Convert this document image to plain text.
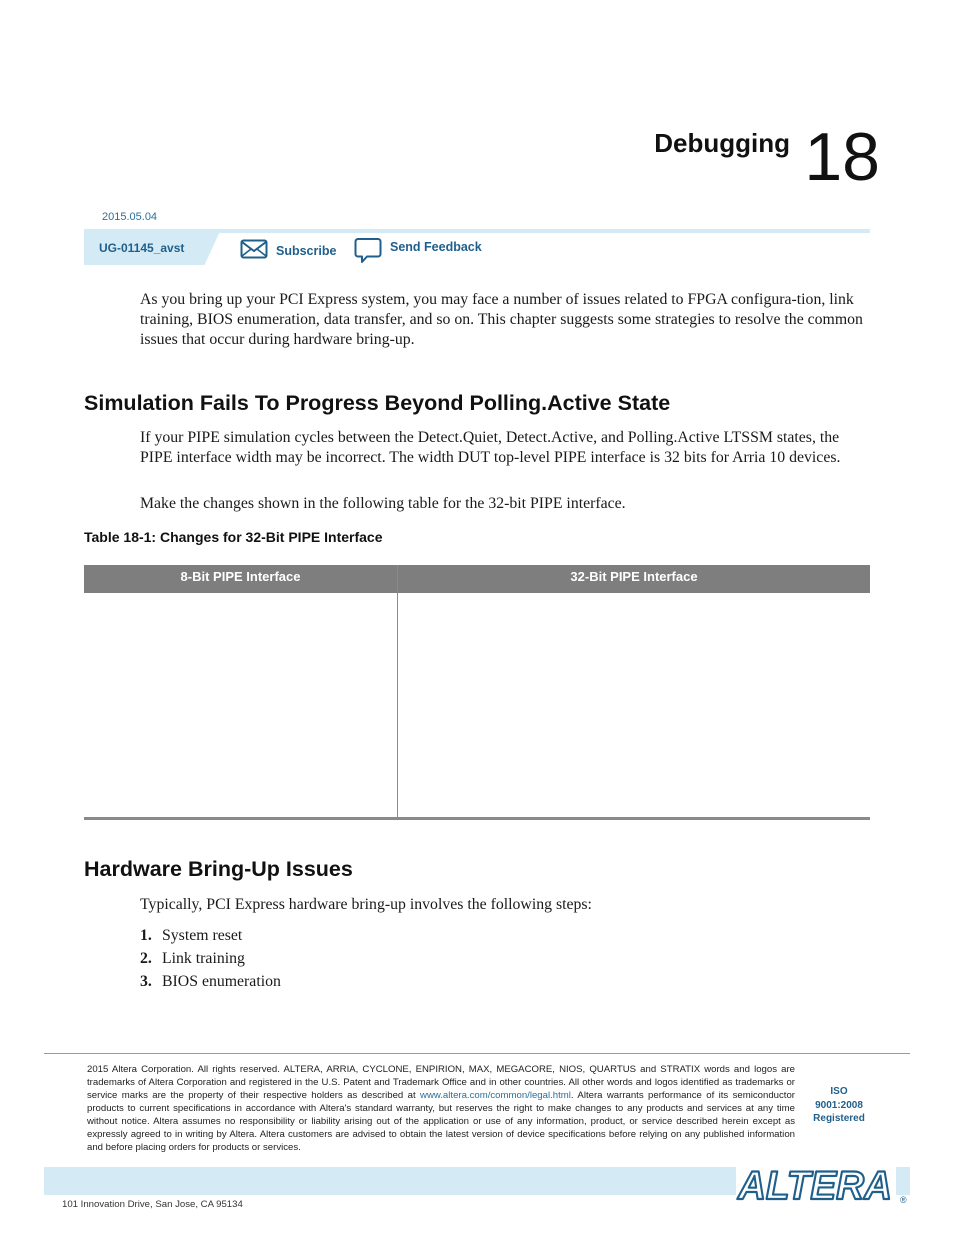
Debugging 18
2015.05.04
UG-01145_avst	Subscribe	Send Feedback

As you bring up your PCI Express system, you may face a number of issues related to FPGA configura-tion, link training, BIOS enumeration, data transfer, and so on. This chapter suggests some strategies to resolve the common issues that occur during hardware bring-up.

Simulation Fails To Progress Beyond Polling.Active State

If your PIPE simulation cycles between the Detect.Quiet, Detect.Active, and Polling.Active LTSSM states, the PIPE interface width may be incorrect. The width DUT top-level PIPE interface is 32 bits for Arria 10 devices.

Make the changes shown in the following table for the 32-bit PIPE interface.

Table 18-1: Changes for 32-Bit PIPE Interface
8-Bit PIPE Interface	32-Bit PIPE Interface
Hardware Bring-Up Issues

Typically, PCI Express hardware bring-up involves the following steps:

1. System reset
2. Link training
3. BIOS enumeration
2015 Altera Corporation. All rights reserved. ALTERA, ARRIA, CYCLONE, ENPIRION, MAX, MEGACORE, NIOS, QUARTUS and STRATIX words and logos are trademarks of Altera Corporation and registered in the U.S. Patent and Trademark Office and in other countries. All other words and logos identified as trademarks or service marks are the property of their respective holders as described at www.altera.com/common/legal.html. Altera warrants performance of its semiconductor products to current specifications in accordance with Altera's standard warranty, but reserves the right to make changes to any products and services at any time without notice. Altera assumes no responsibility or liability arising out of the application or use of any information, product, or service described herein except as expressly agreed to in writing by Altera. Altera customers are advised to obtain the latest version of device specifications before relying on any published information and before placing orders for products or services.
ISO
9001:2008
Registered
101 Innovation Drive, San Jose, CA 95134	ALTERA ®
